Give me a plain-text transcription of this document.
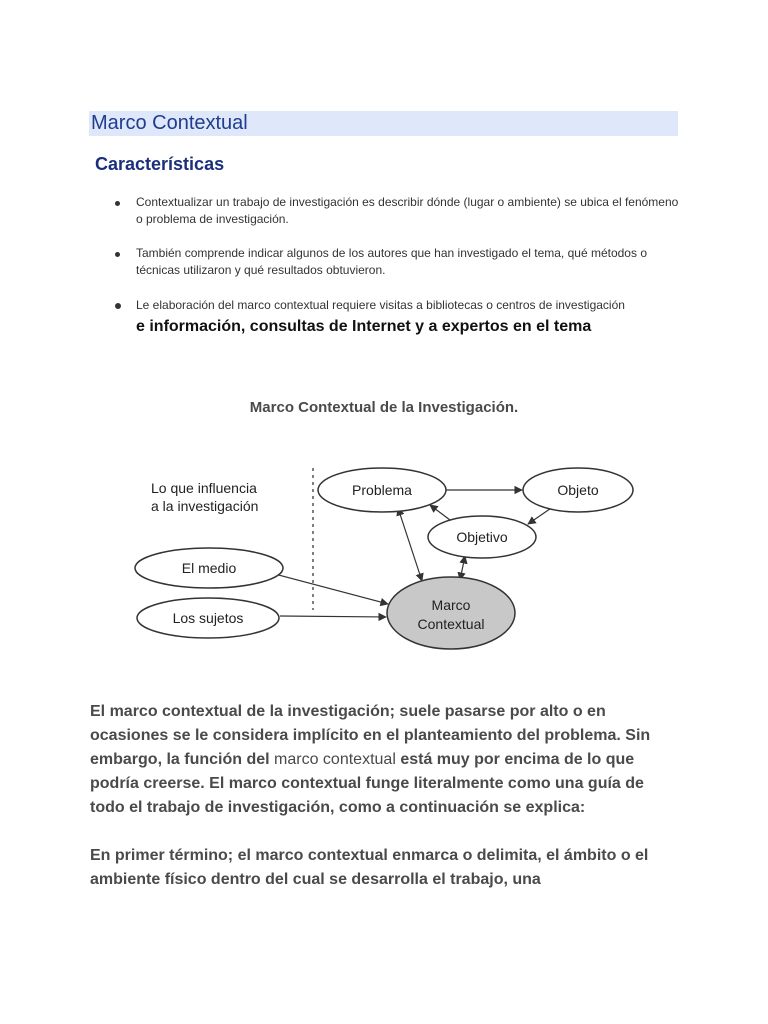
Marco Contextual
Características
Contextualizar un trabajo de investigación es describir dónde (lugar o ambiente) se ubica el fenómeno o problema de investigación.
También comprende indicar algunos de los autores que han investigado el tema, qué métodos o técnicas utilizaron y qué resultados obtuvieron.
Le elaboración del marco contextual requiere visitas a bibliotecas o centros de investigación
e información, consultas de Internet y a expertos en el tema
Marco Contextual de la Investigación.
Lo que influencia
a la investigación
Problema	Objeto
Objetivo
El medio
Los sujetos
Marco
Contextual

El marco contextual de la investigación; suele pasarse por alto o en ocasiones se le considera implícito en el planteamiento del problema. Sin embargo, la función del marco contextual está muy por encima de lo que podría creerse. El marco contextual funge literalmente como una guía de todo el trabajo de investigación, como a continuación se explica:

En primer término; el marco contextual enmarca o delimita, el ámbito o el ambiente físico dentro del cual se desarrolla el trabajo, una
